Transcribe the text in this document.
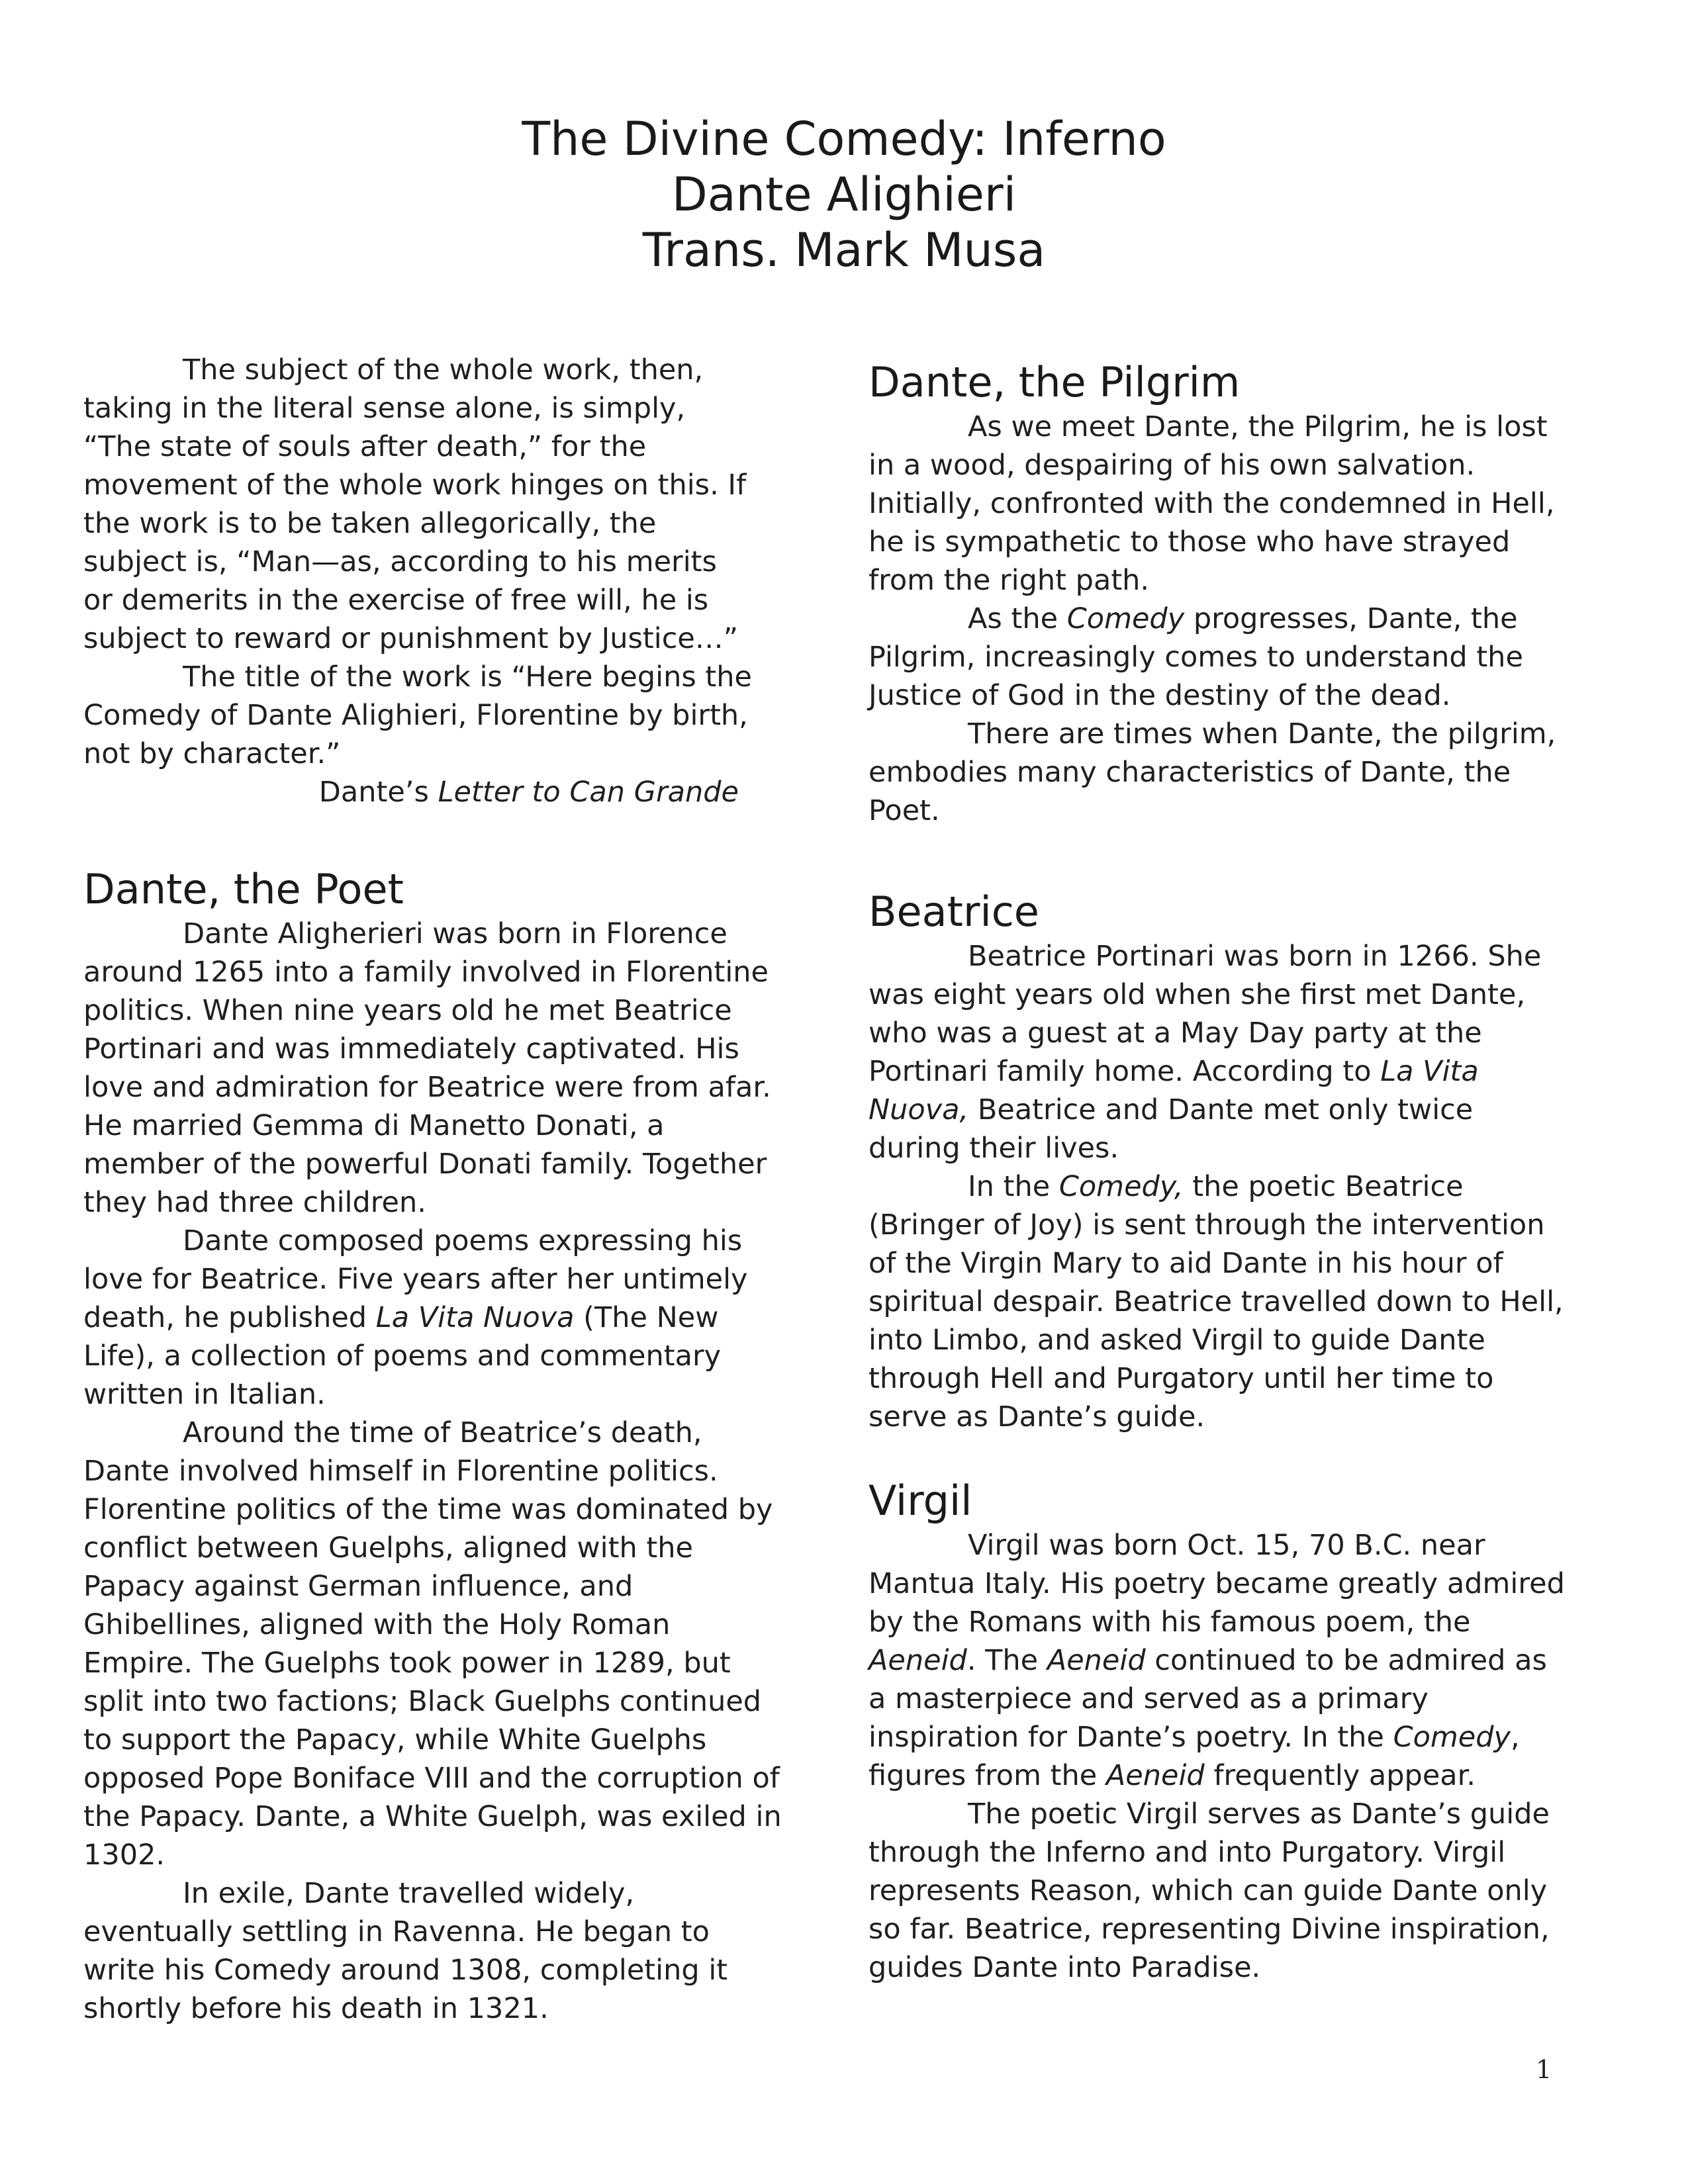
The Divine Comedy: Inferno
Dante Alighieri
Trans. Mark Musa

The subject of the whole work, then, taking in the literal sense alone, is simply, “The state of souls after death,” for the movement of the whole work hinges on this. If the work is to be taken allegorically, the subject is, “Man—as, according to his merits or demerits in the exercise of free will, he is subject to reward or punishment by Justice…”

The title of the work is “Here begins the Comedy of Dante Alighieri, Florentine by birth, not by character.”

Dante’s Letter to Can Grande

Dante, the Poet

Dante Aligherieri was born in Florence around 1265 into a family involved in Florentine politics. When nine years old he met Beatrice Portinari and was immediately captivated. His love and admiration for Beatrice were from afar. He married Gemma di Manetto Donati, a member of the powerful Donati family. Together they had three children.

Dante composed poems expressing his love for Beatrice. Five years after her untimely death, he published La Vita Nuova (The New Life), a collection of poems and commentary written in Italian.

Around the time of Beatrice’s death, Dante involved himself in Florentine politics. Florentine politics of the time was dominated by conflict between Guelphs, aligned with the Papacy against German influence, and Ghibellines, aligned with the Holy Roman Empire. The Guelphs took power in 1289, but split into two factions; Black Guelphs continued to support the Papacy, while White Guelphs opposed Pope Boniface VIII and the corruption of the Papacy. Dante, a White Guelph, was exiled in 1302.

In exile, Dante travelled widely, eventually settling in Ravenna. He began to write his Comedy around 1308, completing it shortly before his death in 1321.

Dante, the Pilgrim

As we meet Dante, the Pilgrim, he is lost in a wood, despairing of his own salvation. Initially, confronted with the condemned in Hell, he is sympathetic to those who have strayed from the right path.

As the Comedy progresses, Dante, the Pilgrim, increasingly comes to understand the Justice of God in the destiny of the dead.

There are times when Dante, the pilgrim, embodies many characteristics of Dante, the Poet.

Beatrice

Beatrice Portinari was born in 1266. She was eight years old when she first met Dante, who was a guest at a May Day party at the Portinari family home. According to La Vita Nuova, Beatrice and Dante met only twice during their lives.

In the Comedy, the poetic Beatrice (Bringer of Joy) is sent through the intervention of the Virgin Mary to aid Dante in his hour of spiritual despair. Beatrice travelled down to Hell, into Limbo, and asked Virgil to guide Dante through Hell and Purgatory until her time to serve as Dante’s guide.

Virgil

Virgil was born Oct. 15, 70 B.C. near Mantua Italy. His poetry became greatly admired by the Romans with his famous poem, the Aeneid. The Aeneid continued to be admired as a masterpiece and served as a primary inspiration for Dante’s poetry. In the Comedy, figures from the Aeneid frequently appear.

The poetic Virgil serves as Dante’s guide through the Inferno and into Purgatory. Virgil represents Reason, which can guide Dante only so far. Beatrice, representing Divine inspiration, guides Dante into Paradise.

1
